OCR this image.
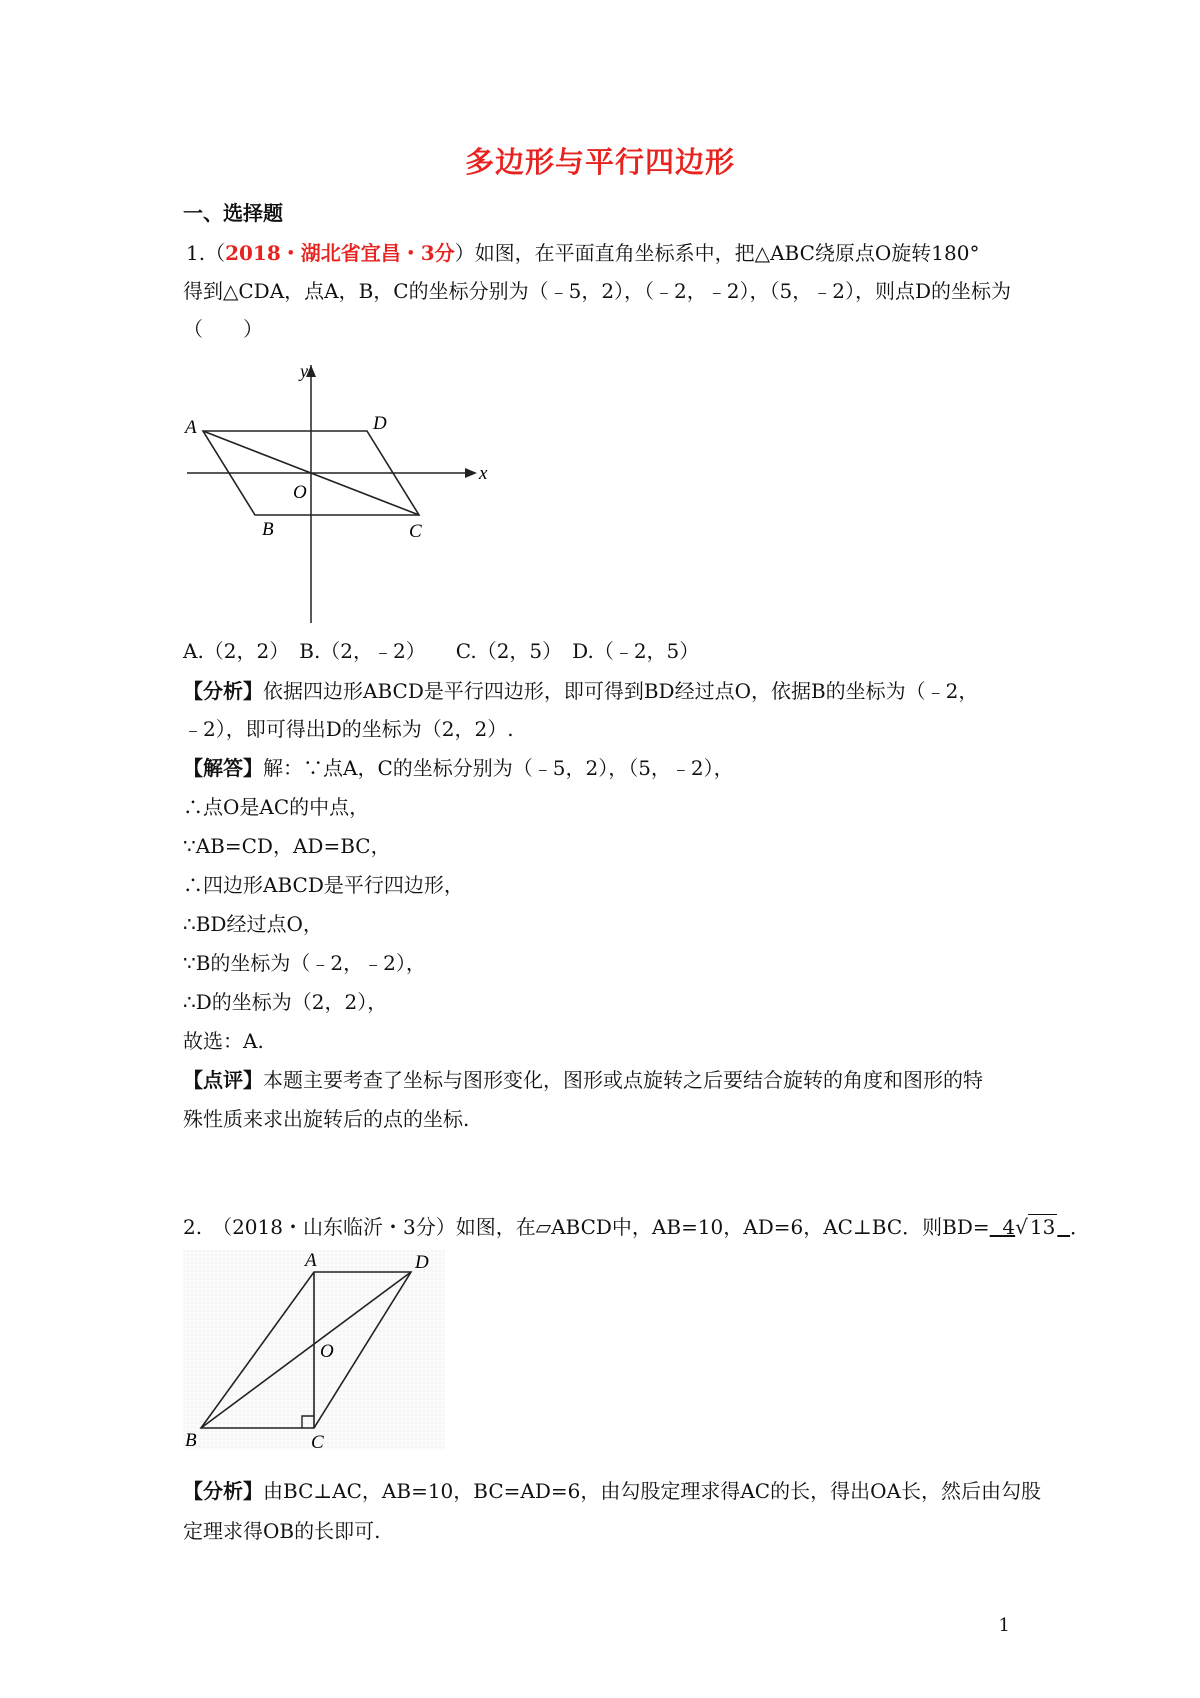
多边形与平行四边形
一、选择题
1.（2018・湖北省宜昌・3分）如图，在平面直角坐标系中，把△ABC绕原点O旋转180°
得到△CDA，点A，B，C的坐标分别为（﹣5，2），（﹣2，﹣2），（5，﹣2），则点D的坐标为
（　　）
A	D
x
O
B	C
y
A.（2，2）　B.（2，﹣2）　　C.（2，5）　D.（﹣2，5）
【分析】依据四边形ABCD是平行四边形，即可得到BD经过点O，依据B的坐标为（﹣2，
﹣2），即可得出D的坐标为（2，2）.
【解答】解：∵点A，C的坐标分别为（﹣5，2），（5，﹣2），
∴点O是AC的中点，
∵AB=CD，AD=BC，
∴四边形ABCD是平行四边形，
∴BD经过点O，
∵B的坐标为（﹣2，﹣2），
∴D的坐标为（2，2），
故选：A.
【点评】本题主要考查了坐标与图形变化，图形或点旋转之后要结合旋转的角度和图形的特
殊性质来求出旋转后的点的坐标.
2.　（2018・山东临沂・3分）如图，在▱ABCD中，AB=10，AD=6，AC⊥BC．则BD= 4√ 13 ．
A	D
O
B	C
【分析】由BC⊥AC，AB=10，BC=AD=6，由勾股定理求得AC的长，得出OA长，然后由勾股
定理求得OB的长即可.
1
